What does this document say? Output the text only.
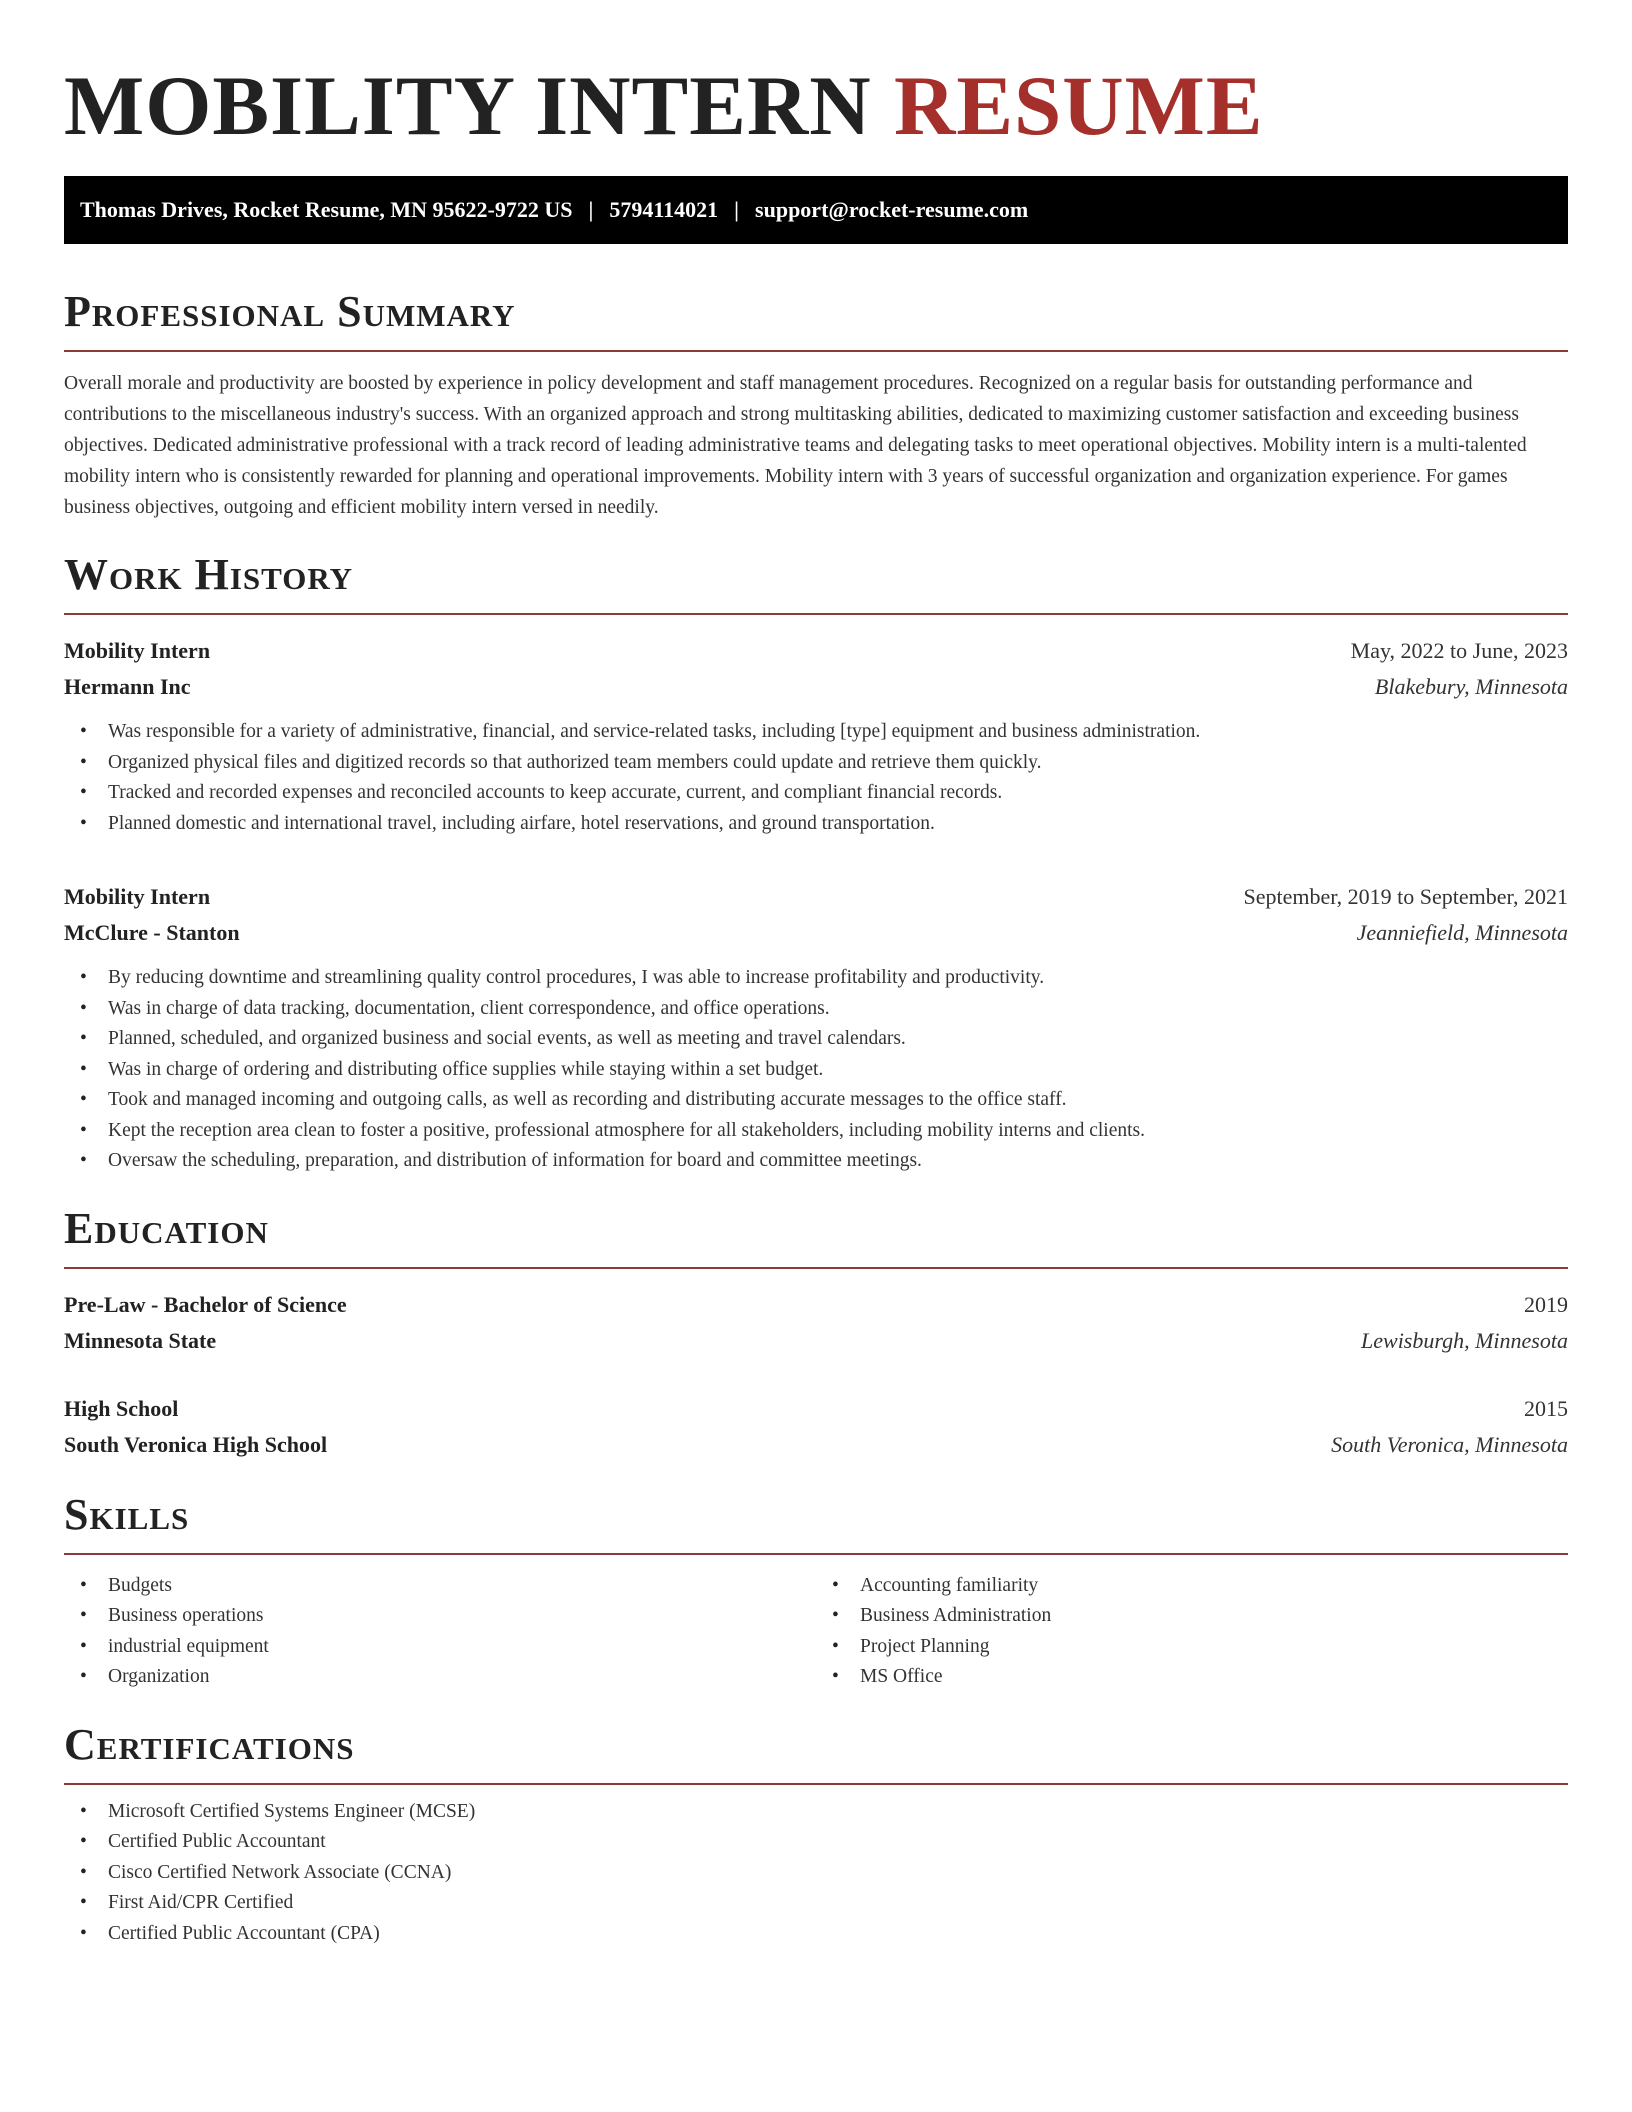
MOBILITY INTERN RESUME
Thomas Drives, Rocket Resume, MN 95622-9722 US | 5794114021 | support@rocket-resume.com
Professional Summary

Overall morale and productivity are boosted by experience in policy development and staff management procedures. Recognized on a regular basis for outstanding performance and contributions to the miscellaneous industry's success. With an organized approach and strong multitasking abilities, dedicated to maximizing customer satisfaction and exceeding business objectives. Dedicated administrative professional with a track record of leading administrative teams and delegating tasks to meet operational objectives. Mobility intern is a multi-talented mobility intern who is consistently rewarded for planning and operational improvements. Mobility intern with 3 years of successful organization and organization experience. For games business objectives, outgoing and efficient mobility intern versed in needily.

Work History
Mobility Intern	May, 2022 to June, 2023
Hermann Inc	Blakebury, Minnesota
• Was responsible for a variety of administrative, financial, and service-related tasks, including [type] equipment and business administration.
• Organized physical files and digitized records so that authorized team members could update and retrieve them quickly.
• Tracked and recorded expenses and reconciled accounts to keep accurate, current, and compliant financial records.
• Planned domestic and international travel, including airfare, hotel reservations, and ground transportation.
Mobility Intern	September, 2019 to September, 2021
McClure - Stanton	Jeanniefield, Minnesota
• By reducing downtime and streamlining quality control procedures, I was able to increase profitability and productivity.
• Was in charge of data tracking, documentation, client correspondence, and office operations.
• Planned, scheduled, and organized business and social events, as well as meeting and travel calendars.
• Was in charge of ordering and distributing office supplies while staying within a set budget.
• Took and managed incoming and outgoing calls, as well as recording and distributing accurate messages to the office staff.
• Kept the reception area clean to foster a positive, professional atmosphere for all stakeholders, including mobility interns and clients.
• Oversaw the scheduling, preparation, and distribution of information for board and committee meetings.
Education
Pre-Law - Bachelor of Science	2019
Minnesota State	Lewisburgh, Minnesota
High School	2015
South Veronica High School	South Veronica, Minnesota
Skills
• Budgets
• Business operations
• industrial equipment
• Organization
• Accounting familiarity
• Business Administration
• Project Planning
• MS Office
Certifications
• Microsoft Certified Systems Engineer (MCSE)
• Certified Public Accountant
• Cisco Certified Network Associate (CCNA)
• First Aid/CPR Certified
• Certified Public Accountant (CPA)
